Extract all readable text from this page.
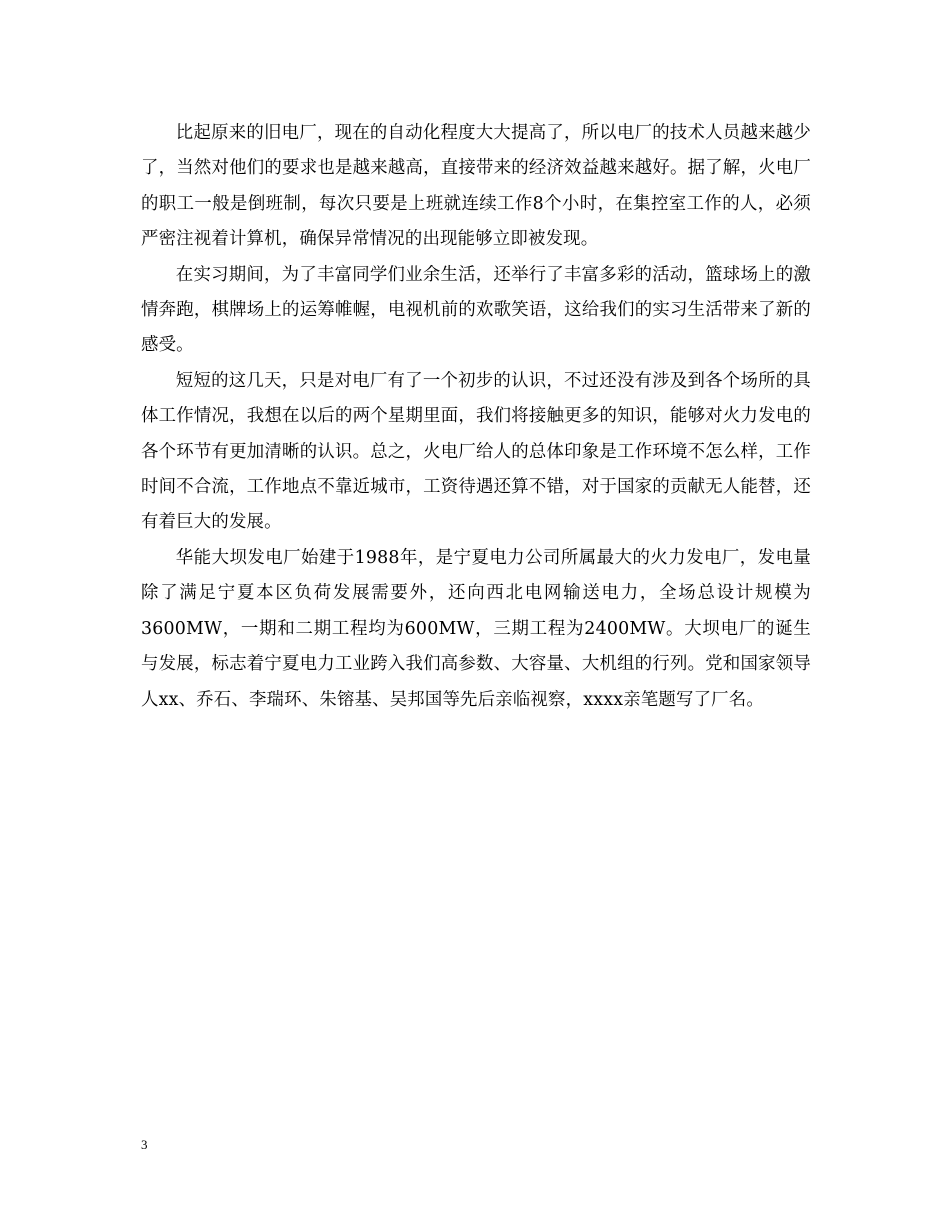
比起原来的旧电厂，现在的自动化程度大大提高了，所以电厂的技术人员越来越少了，当然对他们的要求也是越来越高，直接带来的经济效益越来越好。据了解，火电厂的职工一般是倒班制，每次只要是上班就连续工作8个小时，在集控室工作的人，必须严密注视着计算机，确保异常情况的出现能够立即被发现。

在实习期间，为了丰富同学们业余生活，还举行了丰富多彩的活动，篮球场上的激情奔跑，棋牌场上的运筹帷幄，电视机前的欢歌笑语，这给我们的实习生活带来了新的感受。

短短的这几天，只是对电厂有了一个初步的认识，不过还没有涉及到各个场所的具体工作情况，我想在以后的两个星期里面，我们将接触更多的知识，能够对火力发电的各个环节有更加清晰的认识。总之，火电厂给人的总体印象是工作环境不怎么样，工作时间不合流，工作地点不靠近城市，工资待遇还算不错，对于国家的贡献无人能替，还有着巨大的发展。

华能大坝发电厂始建于1988年，是宁夏电力公司所属最大的火力发电厂，发电量除了满足宁夏本区负荷发展需要外，还向西北电网输送电力，全场总设计规模为3600MW，一期和二期工程均为600MW，三期工程为2400MW。大坝电厂的诞生与发展，标志着宁夏电力工业跨入我们高参数、大容量、大机组的行列。党和国家领导人xx、乔石、李瑞环、朱镕基、吴邦国等先后亲临视察，xxxx亲笔题写了厂名。

3
